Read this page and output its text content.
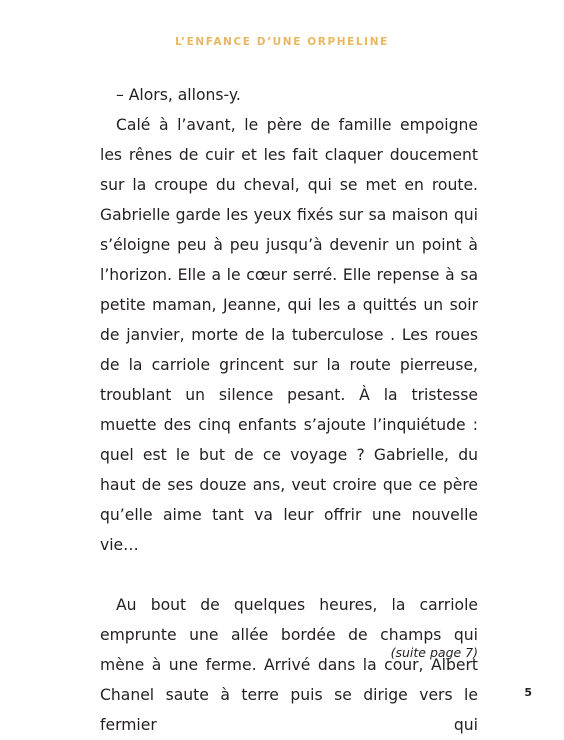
L’ENFANCE D’UNE ORPHELINE

– Alors, allons-y.

Calé à l’avant, le père de famille empoigne les rênes de cuir et les fait claquer doucement sur la croupe du cheval, qui se met en route. Gabrielle garde les yeux fixés sur sa maison qui s’éloigne peu à peu jusqu’à devenir un point à l’horizon. Elle a le cœur serré. Elle repense à sa petite maman, Jeanne, qui les a quittés un soir de janvier, morte de la tuberculose . Les roues de la carriole grincent sur la route pierreuse, troublant un silence pesant. À la tristesse muette des cinq enfants s’ajoute l’inquiétude : quel est le but de ce voyage ? Gabrielle, du haut de ses douze ans, veut croire que ce père qu’elle aime tant va leur offrir une nouvelle vie…

Au bout de quelques heures, la carriole emprunte une allée bordée de champs qui mène à une ferme. Arrivé dans la cour, Albert Chanel saute à terre puis se dirige vers le fermier qui

(suite page 7)
5
